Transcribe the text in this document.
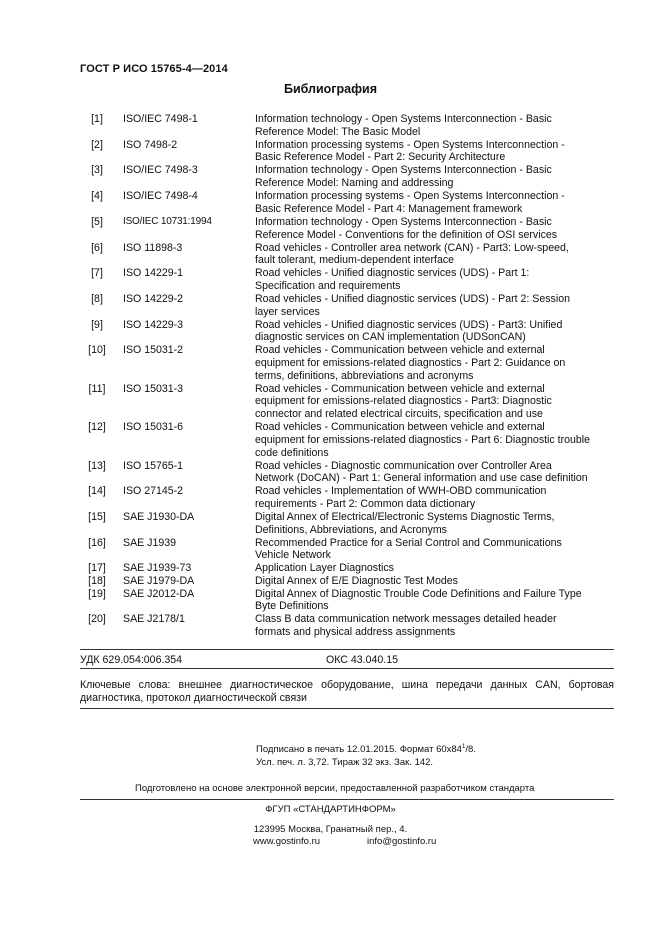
ГОСТ Р ИСО 15765-4—2014
Библиография
[1]	ISO/IEC 7498-1	Information technology - Open Systems Interconnection - Basic
Reference Model: The Basic Model
[2]	ISO 7498-2	Information processing systems - Open Systems Interconnection -
Basic Reference Model - Part 2: Security Architecture
[3]	ISO/IEC 7498-3	Information technology - Open Systems Interconnection - Basic
Reference Model: Naming and addressing
[4]	ISO/IEC 7498-4	Information processing systems - Open Systems Interconnection -
Basic Reference Model - Part 4: Management framework
[5]	ISO/IEC 10731:1994	Information technology - Open Systems Interconnection - Basic
Reference Model - Conventions for the definition of OSI services
[6]	ISO 11898-3	Road vehicles - Controller area network (CAN) - Part3: Low-speed,
fault tolerant, medium-dependent interface
[7]	ISO 14229-1	Road vehicles - Unified diagnostic services (UDS) - Part 1:
Specification and requirements
[8]	ISO 14229-2	Road vehicles - Unified diagnostic services (UDS) - Part 2: Session
layer services
[9]	ISO 14229-3	Road vehicles - Unified diagnostic services (UDS) - Part3: Unified
diagnostic services on CAN implementation (UDSonCAN)
[10] ISO 15031-2	Road vehicles - Communication between vehicle and external
equipment for emissions-related diagnostics - Part 2: Guidance on
terms, definitions, abbreviations and acronyms
[11] ISO 15031-3	Road vehicles - Communication between vehicle and external
equipment for emissions-related diagnostics - Part3: Diagnostic
connector and related electrical circuits, specification and use
[12] ISO 15031-6	Road vehicles - Communication between vehicle and external
equipment for emissions-related diagnostics - Part 6: Diagnostic trouble
code definitions
[13] ISO 15765-1	Road vehicles - Diagnostic communication over Controller Area
Network (DoCAN) - Part 1: General information and use case definition
[14] ISO 27145-2	Road vehicles - Implementation of WWH-OBD communication
requirements - Part 2: Common data dictionary
[15] SAE J1930-DA	Digital Annex of Electrical/Electronic Systems Diagnostic Terms,
Definitions, Abbreviations, and Acronyms
[16] SAE J1939	Recommended Practice for a Serial Control and Communications
Vehicle Network
[17] SAE J1939-73	Application Layer Diagnostics
[18] SAE J1979-DA	Digital Annex of E/E Diagnostic Test Modes
[19] SAE J2012-DA	Digital Annex of Diagnostic Trouble Code Definitions and Failure Type
Byte Definitions
[20] SAE J2178/1	Class B data communication network messages detailed header
formats and physical address assignments
УДК 629.054:006.354	ОКС 43.040.15
Ключевые слова: внешнее диагностическое оборудование, шина передачи данных CAN, бортовая диагностика, протокол диагностической связи
Подписано в печать 12.01.2015. Формат $60х84^1/8$.
Усл. печ. л. 3,72. Тираж 32 экз. Зак. 142.
Подготовлено на основе электронной версии, предоставленной разработчиком стандарта
ФГУП «СТАНДАРТИНФОРМ»
123995 Москва, Гранатный пер., 4.
www.gostinfo.ru	info@gostinfo.ru
